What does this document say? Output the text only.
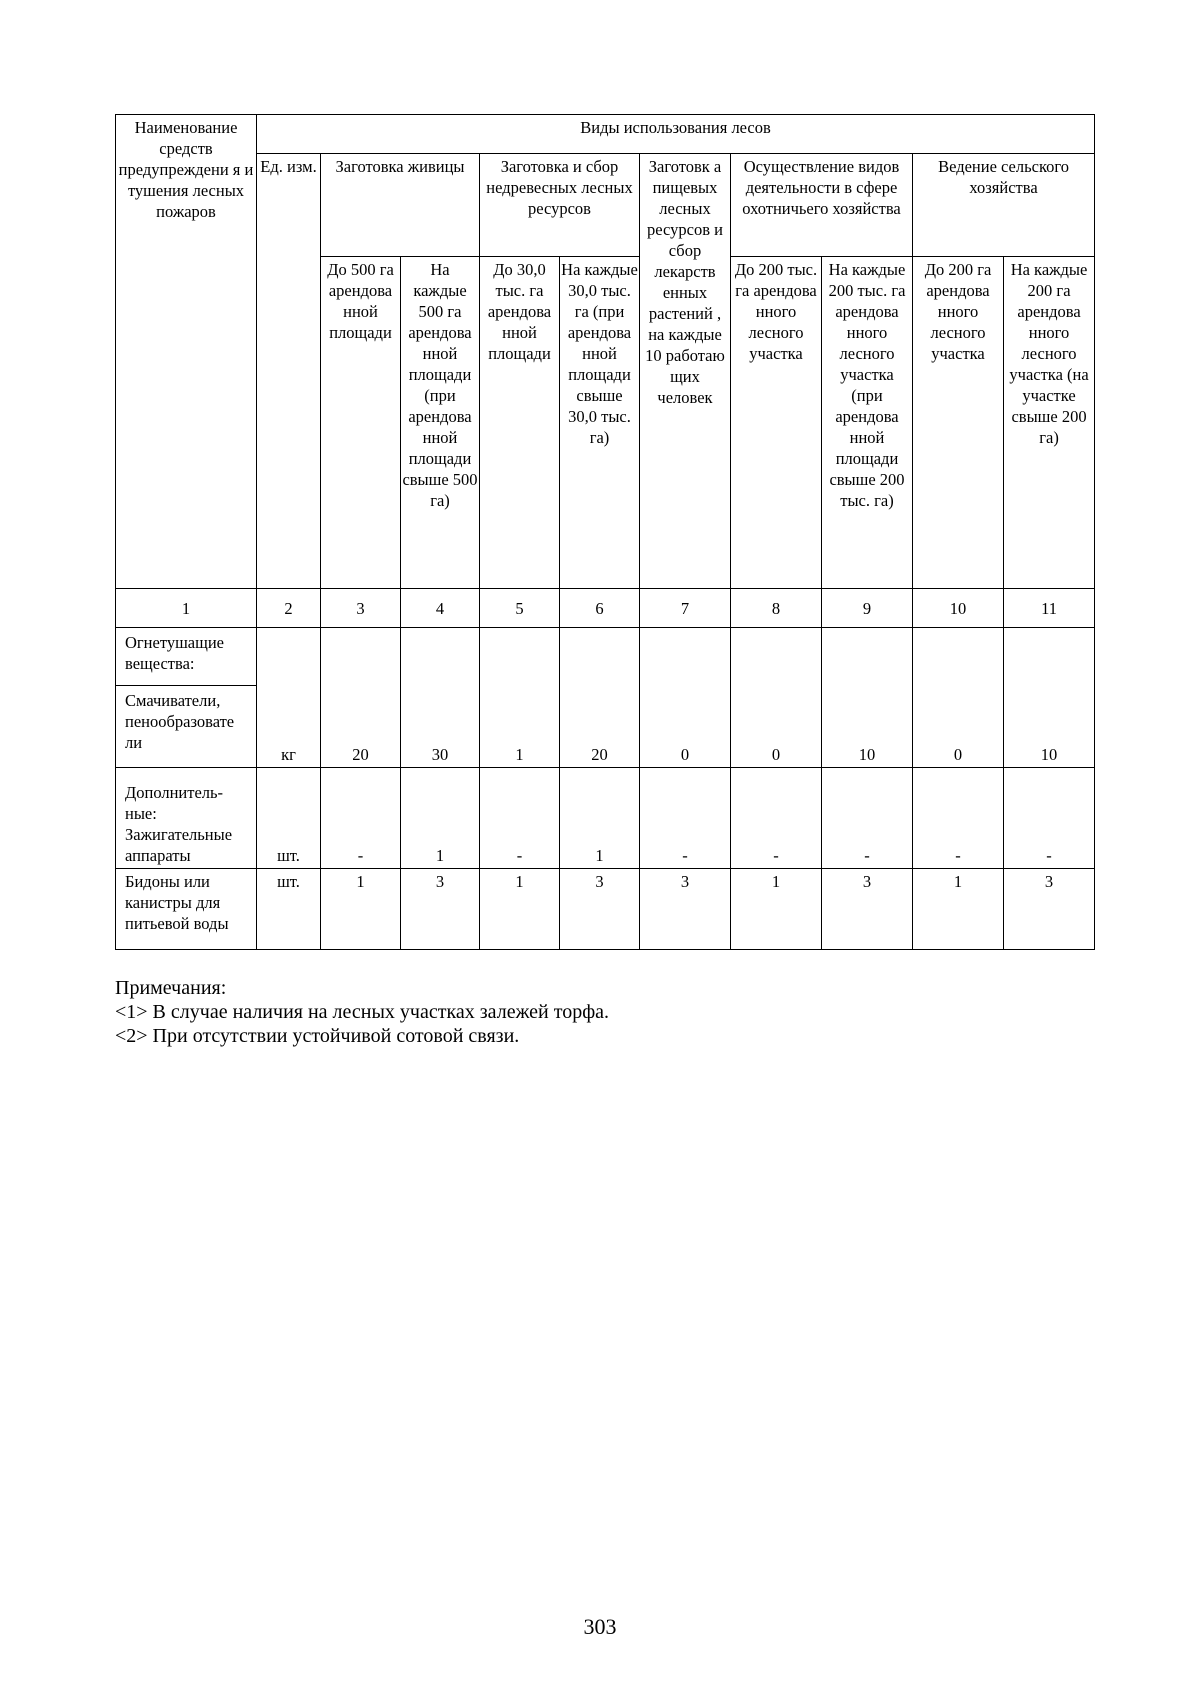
Наименование средств предупреждени я и тушения лесных пожаров	Виды использования лесов									
	Ед. изм.	Заготовка живицы		Заготовка и сбор недревесных лесных ресурсов		Заготовк а пищевых лесных ресурсов и сбор лекарств енных растений , на каждые 10 работаю щих человек	Осуществление видов деятельности в сфере охотничьего хозяйства		Ведение сельского хозяйства	
		До 500 га арендова нной площади	На каждые 500 га арендова нной площади (при арендова нной площади свыше 500 га)	До 30,0 тыс. га арендова нной площади	На каждые 30,0 тыс. га (при арендова нной площади свыше 30,0 тыс. га)		До 200 тыс. га арендова нного лесного участка	На каждые 200 тыс. га арендова нного лесного участка (при арендова нной площади свыше 200 тыс. га)	До 200 га арендова нного лесного участка	На каждые 200 га арендова нного лесного участка (на участке свыше 200 га)
1	2	3	4	5	6	7	8	9	10	11

Огнетушащие вещества:
Смачиватели, пенообразовате ли	кг	20	30	1	20	0	0	10	0	10
Дополнитель- ные: Зажигательные аппараты	шт.	-	1	-	1	-	-	-	-	-
Бидоны или канистры для питьевой воды	шт.	1	3	1	3	3	1	3	1	3
Примечания:
<1> В случае наличия на лесных участках залежей торфа.
<2> При отсутствии устойчивой сотовой связи.
303
